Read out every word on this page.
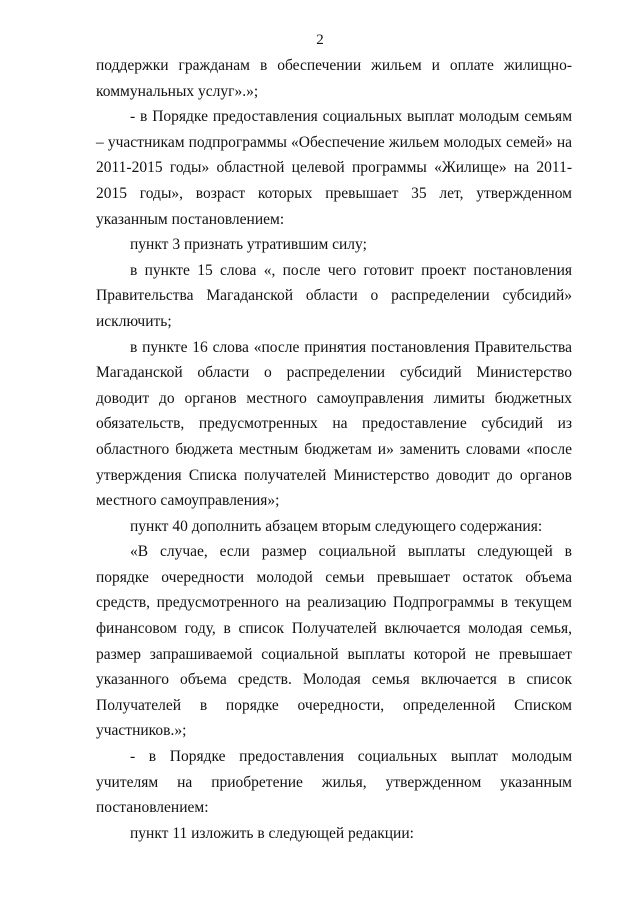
2

поддержки гражданам в обеспечении жильем и оплате жилищно-коммунальных услуг».»;

- в Порядке предоставления социальных выплат молодым семьям – участникам подпрограммы «Обеспечение жильем молодых семей» на 2011-2015 годы» областной целевой программы «Жилище» на 2011-2015 годы», возраст которых превышает 35 лет, утвержденном указанным постановлением:

пункт 3 признать утратившим силу;

в пункте 15 слова «, после чего готовит проект постановления Правительства Магаданской области о распределении субсидий» исключить;

в пункте 16 слова «после принятия постановления Правительства Магаданской области о распределении субсидий Министерство доводит до органов местного самоуправления лимиты бюджетных обязательств, предусмотренных на предоставление субсидий из областного бюджета местным бюджетам и» заменить словами «после утверждения Списка получателей Министерство доводит до органов местного самоуправления»;

пункт 40 дополнить абзацем вторым следующего содержания:

«В случае, если размер социальной выплаты следующей в порядке очередности молодой семьи превышает остаток объема средств, предусмотренного на реализацию Подпрограммы в текущем финансовом году, в список Получателей включается молодая семья, размер запрашиваемой социальной выплаты которой не превышает указанного объема средств. Молодая семья включается в список Получателей в порядке очередности, определенной Списком участников.»;

- в Порядке предоставления социальных выплат молодым учителям на приобретение жилья, утвержденном указанным постановлением:

пункт 11 изложить в следующей редакции:
